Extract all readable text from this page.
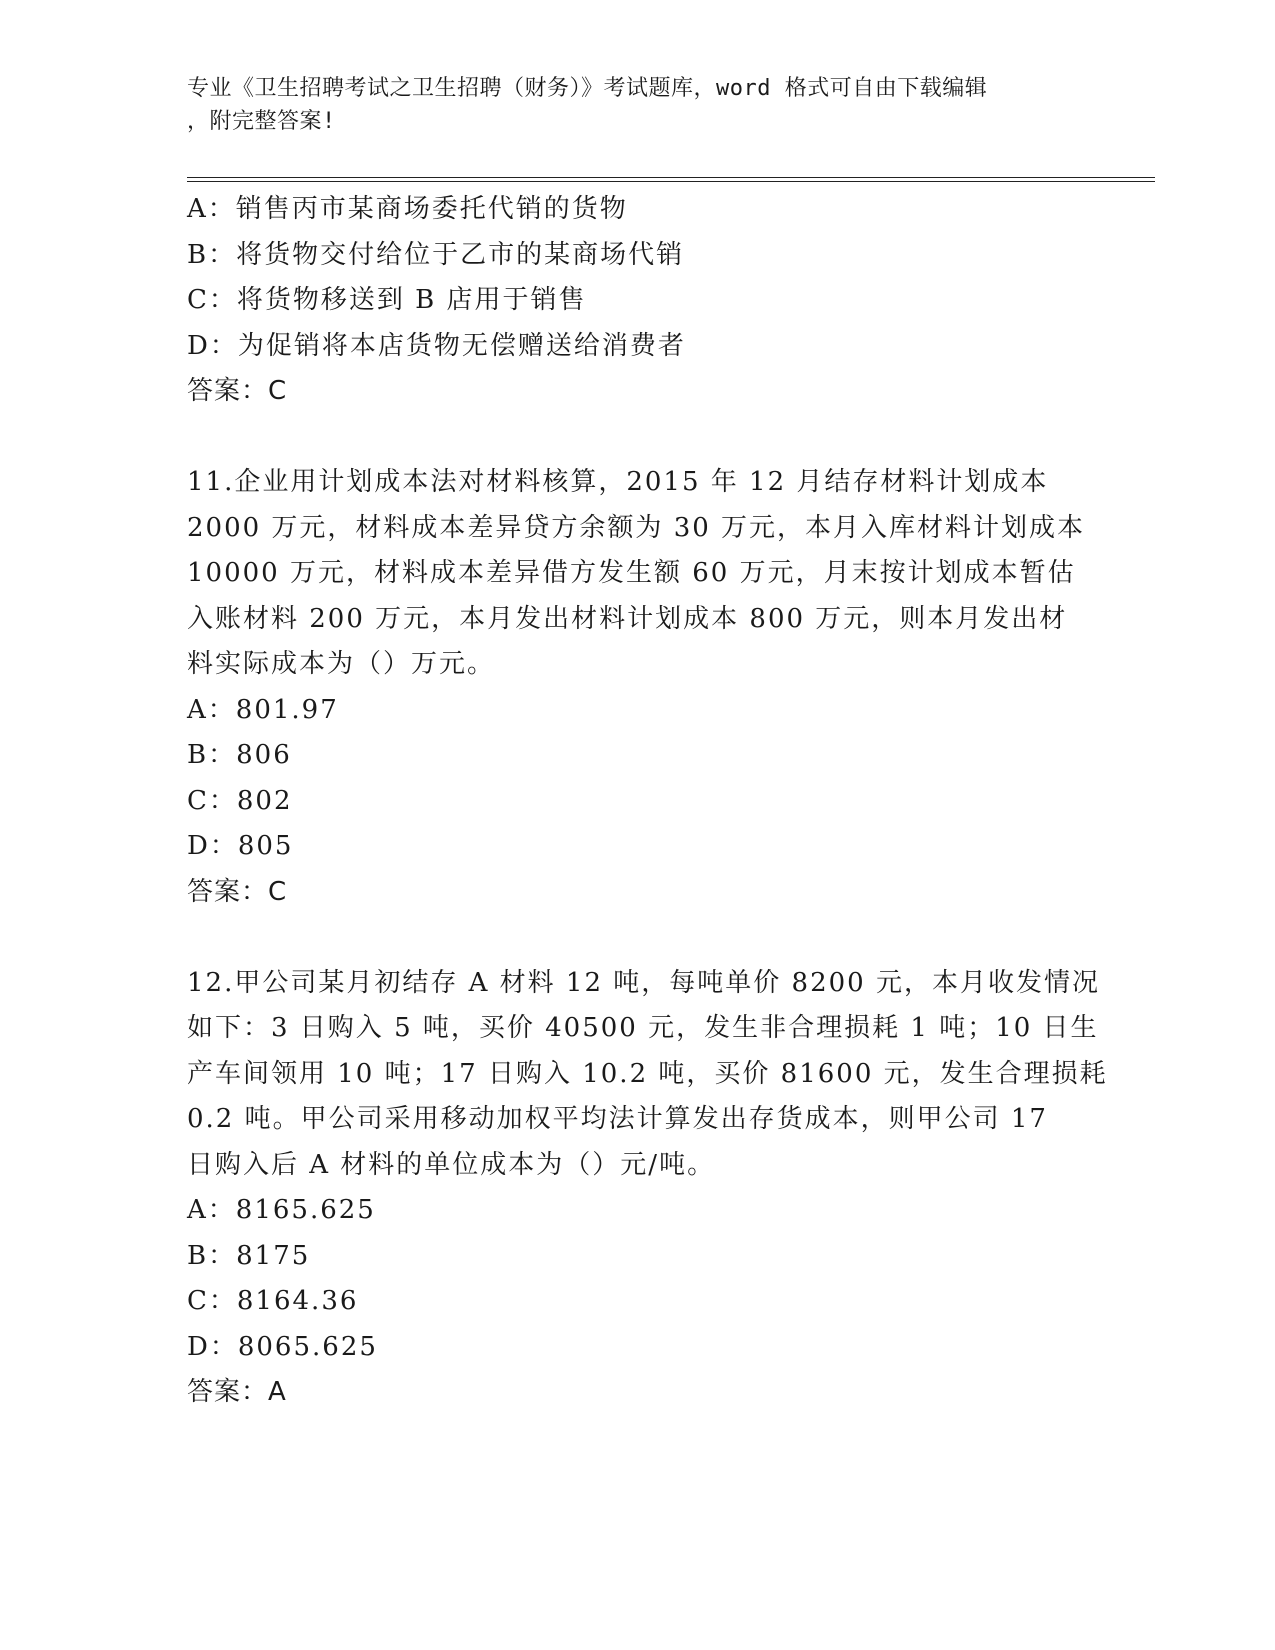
专业《卫生招聘考试之卫生招聘（财务）》考试题库，word 格式可自由下载编辑
，附完整答案!
A：销售丙市某商场委托代销的货物
B：将货物交付给位于乙市的某商场代销
C：将货物移送到 B 店用于销售
D：为促销将本店货物无偿赠送给消费者
答案：C
11.企业用计划成本法对材料核算，2015 年 12 月结存材料计划成本
2000 万元，材料成本差异贷方余额为 30 万元，本月入库材料计划成本
10000 万元，材料成本差异借方发生额 60 万元，月末按计划成本暂估
入账材料 200 万元，本月发出材料计划成本 800 万元，则本月发出材
料实际成本为（）万元。
A：801.97
B：806
C：802
D：805
答案：C
12.甲公司某月初结存 A 材料 12 吨，每吨单价 8200 元，本月收发情况
如下：3 日购入 5 吨，买价 40500 元，发生非合理损耗 1 吨；10 日生
产车间领用 10 吨；17 日购入 10.2 吨，买价 81600 元，发生合理损耗
0.2 吨。甲公司采用移动加权平均法计算发出存货成本，则甲公司 17
日购入后 A 材料的单位成本为（）元/吨。
A：8165.625
B：8175
C：8164.36
D：8065.625
答案：A
